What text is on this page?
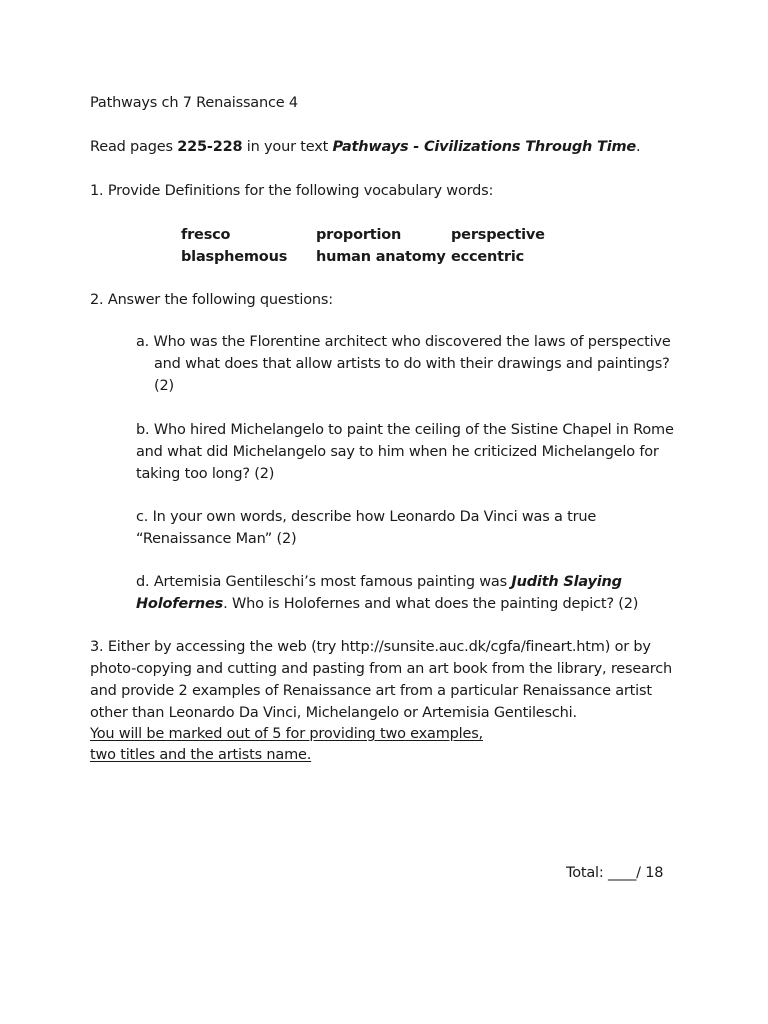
Pathways ch 7 Renaissance 4
Read pages 225-228 in your text Pathways - Civilizations Through Time.
1. Provide Definitions for the following vocabulary words:
fresco	proportion	perspective
blasphemous human anatomy eccentric
2. Answer the following questions:
a. Who was the Florentine architect who discovered the laws of perspective
and what does that allow artists to do with their drawings and paintings?
(2)
b. Who hired Michelangelo to paint the ceiling of the Sistine Chapel in Rome
and what did Michelangelo say to him when he criticized Michelangelo for
taking too long? (2)
c. In your own words, describe how Leonardo Da Vinci was a true
“Renaissance Man” (2)
d. Artemisia Gentileschi’s most famous painting was Judith Slaying
Holofernes. Who is Holofernes and what does the painting depict? (2)
3. Either by accessing the web (try http://sunsite.auc.dk/cgfa/fineart.htm) or by
photo-copying and cutting and pasting from an art book from the library, research
and provide 2 examples of Renaissance art from a particular Renaissance artist
other than Leonardo Da Vinci, Michelangelo or Artemisia Gentileschi.
You will be marked out of 5 for providing two examples,
two titles and the artists name.
Total: ____/ 18
